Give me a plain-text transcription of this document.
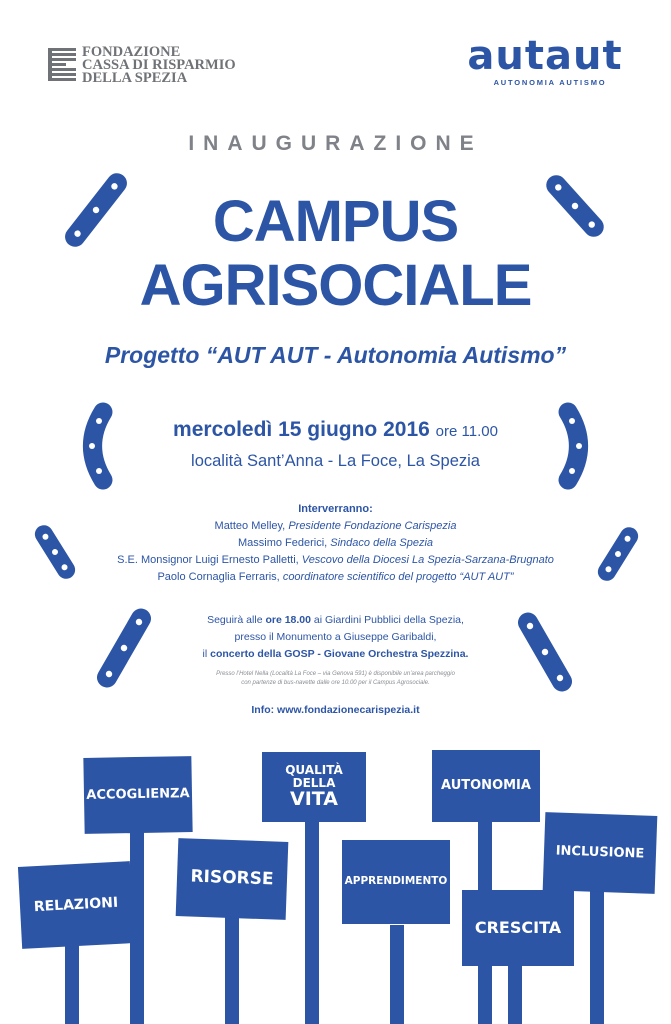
FONDAZIONE
CASSA DI RISPARMIO
DELLA SPEZIA	autaut
AUTONOMIA AUTISMO
INAUGURAZIONE
CAMPUS
AGRISOCIALE
Progetto “AUT AUT - Autonomia Autismo”
mercoledì 15 giugno 2016 ore 11.00
località Sant’Anna - La Foce, La Spezia
Interverranno:
Matteo Melley, Presidente Fondazione Carispezia
Massimo Federici, Sindaco della Spezia
S.E. Monsignor Luigi Ernesto Palletti, Vescovo della Diocesi La Spezia-Sarzana-Brugnato
Paolo Cornaglia Ferraris, coordinatore scientifico del progetto “AUT AUT”
Seguirà alle ore 18.00 ai Giardini Pubblici della Spezia,
presso il Monumento a Giuseppe Garibaldi,
il concerto della GOSP - Giovane Orchestra Spezzina.
Presso l’Hotel Nella (Località La Foce – via Genova 591) è disponibile un’area parcheggio
con partenze di bus-navette dalle ore 10.00 per il Campus Agrosociale.
Info: www.fondazionecarispezia.it
ACCOGLIENZA
QUALITÀ DELLA
VITA
AUTONOMIA
INCLUSIONE
RELAZIONI
RISORSE	APPRENDIMENTO
CRESCITA
